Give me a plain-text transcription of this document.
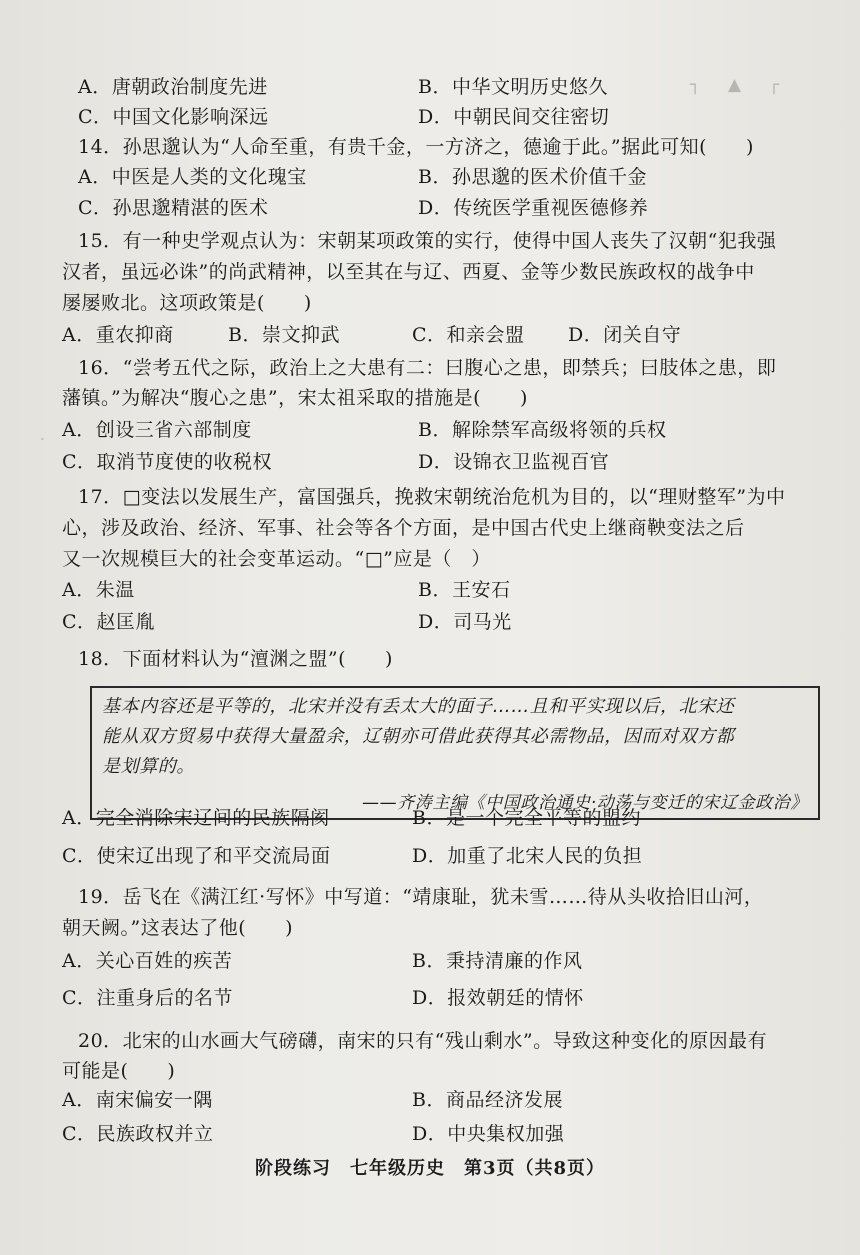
┐ 　 ▲ 　 ┌
·
A．唐朝政治制度先进	B．中华文明历史悠久
C．中国文化影响深远	D．中朝民间交往密切
14．孙思邈认为“人命至重，有贵千金，一方济之，德逾于此。”据此可知(　　)
A．中医是人类的文化瑰宝	B．孙思邈的医术价值千金
C．孙思邈精湛的医术	D．传统医学重视医德修养
15．有一种史学观点认为：宋朝某项政策的实行，使得中国人丧失了汉朝“犯我强
汉者，虽远必诛”的尚武精神，以至其在与辽、西夏、金等少数民族政权的战争中
屡屡败北。这项政策是(　　)
A．重农抑商	B．崇文抑武	C．和亲会盟 D．闭关自守
16．“尝考五代之际，政治上之大患有二：曰腹心之患，即禁兵；曰肢体之患，即
藩镇。”为解决“腹心之患”，宋太祖采取的措施是(　　)
A．创设三省六部制度	B．解除禁军高级将领的兵权
C．取消节度使的收税权	D．设锦衣卫监视百官
17．□变法以发展生产，富国强兵，挽救宋朝统治危机为目的，以“理财整军”为中
心，涉及政治、经济、军事、社会等各个方面，是中国古代史上继商鞅变法之后
又一次规模巨大的社会变革运动。“□”应是（　）
A．朱温	B．王安石
C．赵匡胤	D．司马光
18．下面材料认为“澶渊之盟”(　　)
基本内容还是平等的，北宋并没有丢太大的面子……且和平实现以后，北宋还
能从双方贸易中获得大量盈余，辽朝亦可借此获得其必需物品，因而对双方都
是划算的。
——齐涛主编《中国政治通史·动荡与变迁的宋辽金政治》
A．完全消除宋辽间的民族隔阂	B．是一个完全平等的盟约
C．使宋辽出现了和平交流局面	D．加重了北宋人民的负担
19．岳飞在《满江红·写怀》中写道：“靖康耻，犹未雪……待从头收拾旧山河，
朝天阙。”这表达了他(　　)
A．关心百姓的疾苦	B．秉持清廉的作风
C．注重身后的名节	D．报效朝廷的情怀
20．北宋的山水画大气磅礴，南宋的只有“残山剩水”。导致这种变化的原因最有
可能是(　　)
A．南宋偏安一隅	B．商品经济发展
C．民族政权并立	D．中央集权加强
阶段练习　七年级历史　第3页（共8页）
